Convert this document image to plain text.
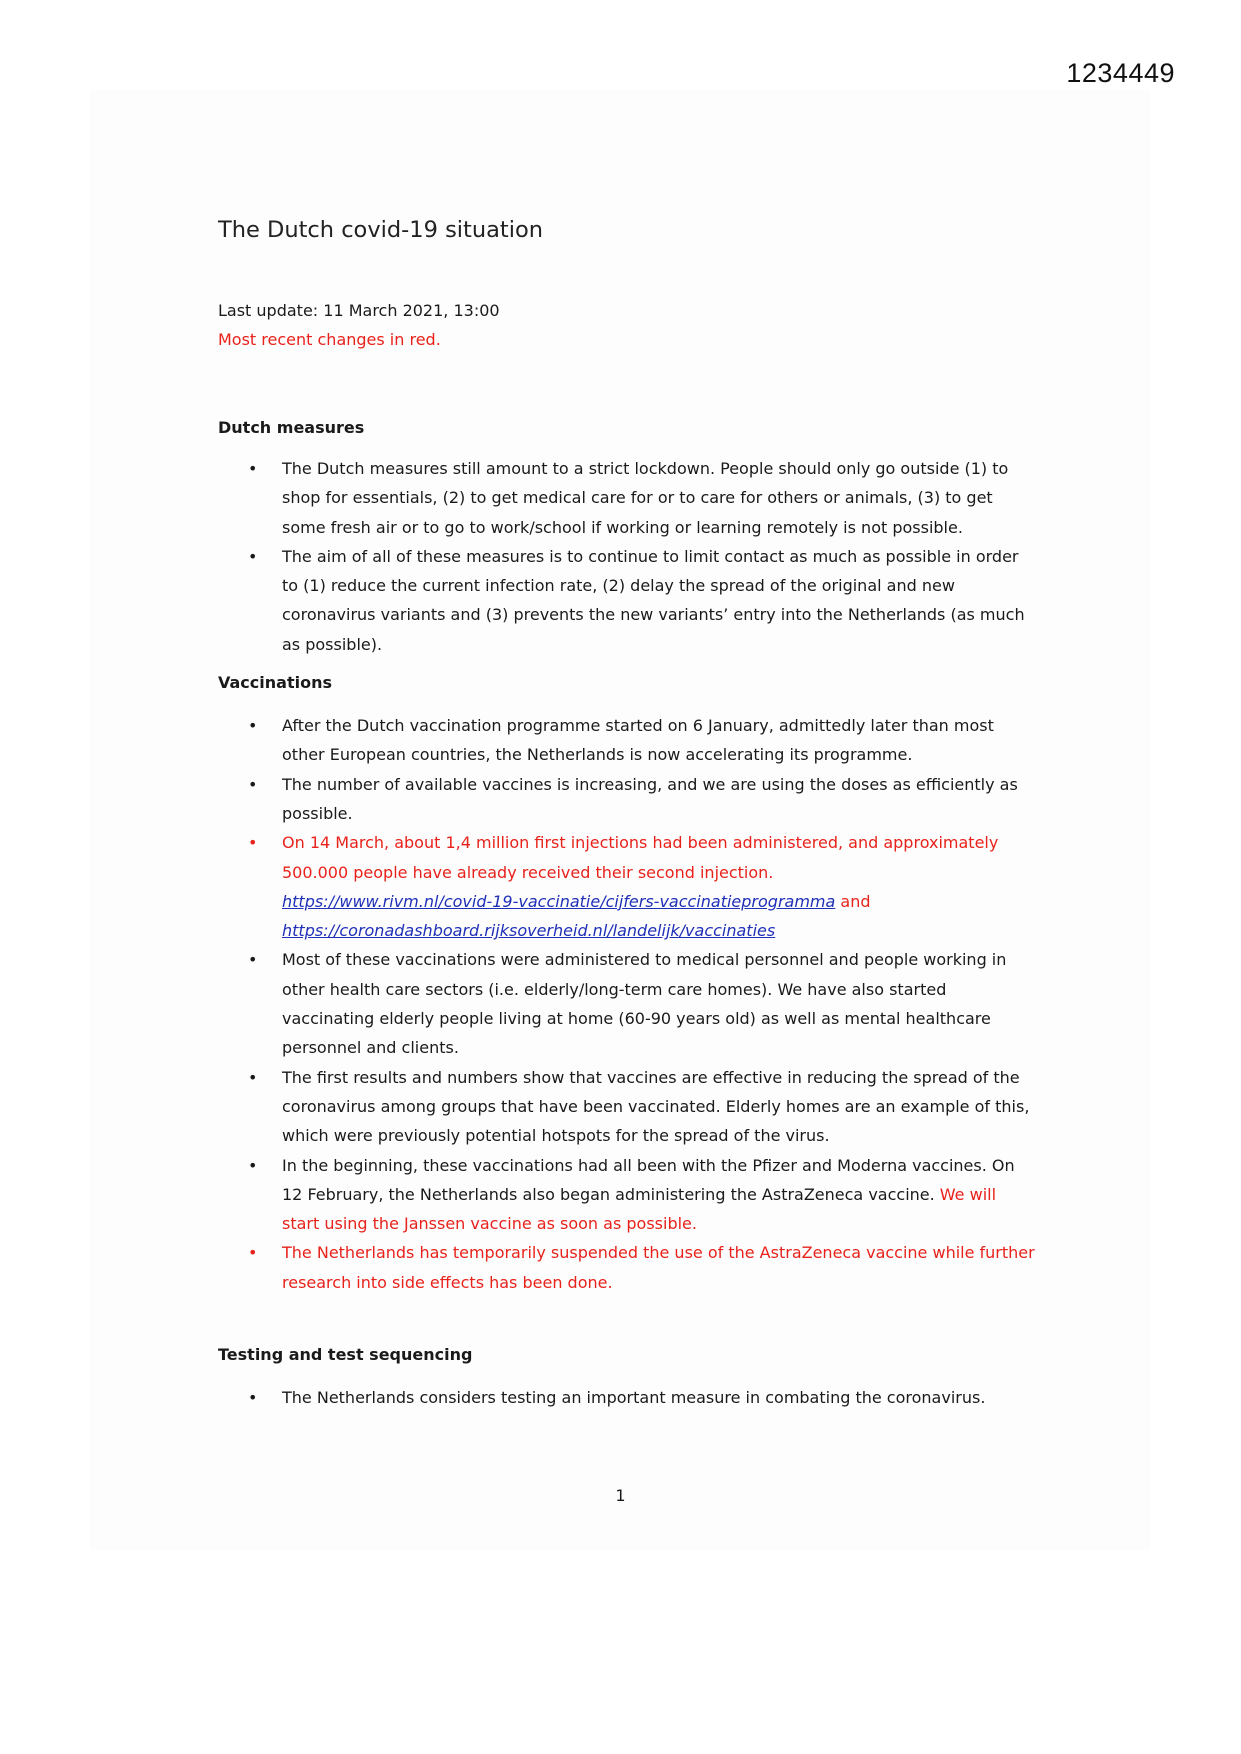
1234449
The Dutch covid-19 situation
Last update: 11 March 2021, 13:00
Most recent changes in red.
Dutch measures
• The Dutch measures still amount to a strict lockdown. People should only go outside (1) to shop for essentials, (2) to get medical care for or to care for others or animals, (3) to get some fresh air or to go to work/school if working or learning remotely is not possible.
• The aim of all of these measures is to continue to limit contact as much as possible in order to (1) reduce the current infection rate, (2) delay the spread of the original and new coronavirus variants and (3) prevents the new variants’ entry into the Netherlands (as much as possible).
Vaccinations
• After the Dutch vaccination programme started on 6 January, admittedly later than most other European countries, the Netherlands is now accelerating its programme.
• The number of available vaccines is increasing, and we are using the doses as efficiently as possible.
• On 14 March, about 1,4 million first injections had been administered, and approximately 500.000 people have already received their second injection.
https://www.rivm.nl/covid-19-vaccinatie/cijfers-vaccinatieprogramma and
https://coronadashboard.rijksoverheid.nl/landelijk/vaccinaties
• Most of these vaccinations were administered to medical personnel and people working in other health care sectors (i.e. elderly/long-term care homes). We have also started vaccinating elderly people living at home (60-90 years old) as well as mental healthcare personnel and clients.
• The first results and numbers show that vaccines are effective in reducing the spread of the coronavirus among groups that have been vaccinated. Elderly homes are an example of this, which were previously potential hotspots for the spread of the virus.
• In the beginning, these vaccinations had all been with the Pfizer and Moderna vaccines. On 12 February, the Netherlands also began administering the AstraZeneca vaccine. We will start using the Janssen vaccine as soon as possible.
• The Netherlands has temporarily suspended the use of the AstraZeneca vaccine while further research into side effects has been done.
Testing and test sequencing
• The Netherlands considers testing an important measure in combating the coronavirus.
1
